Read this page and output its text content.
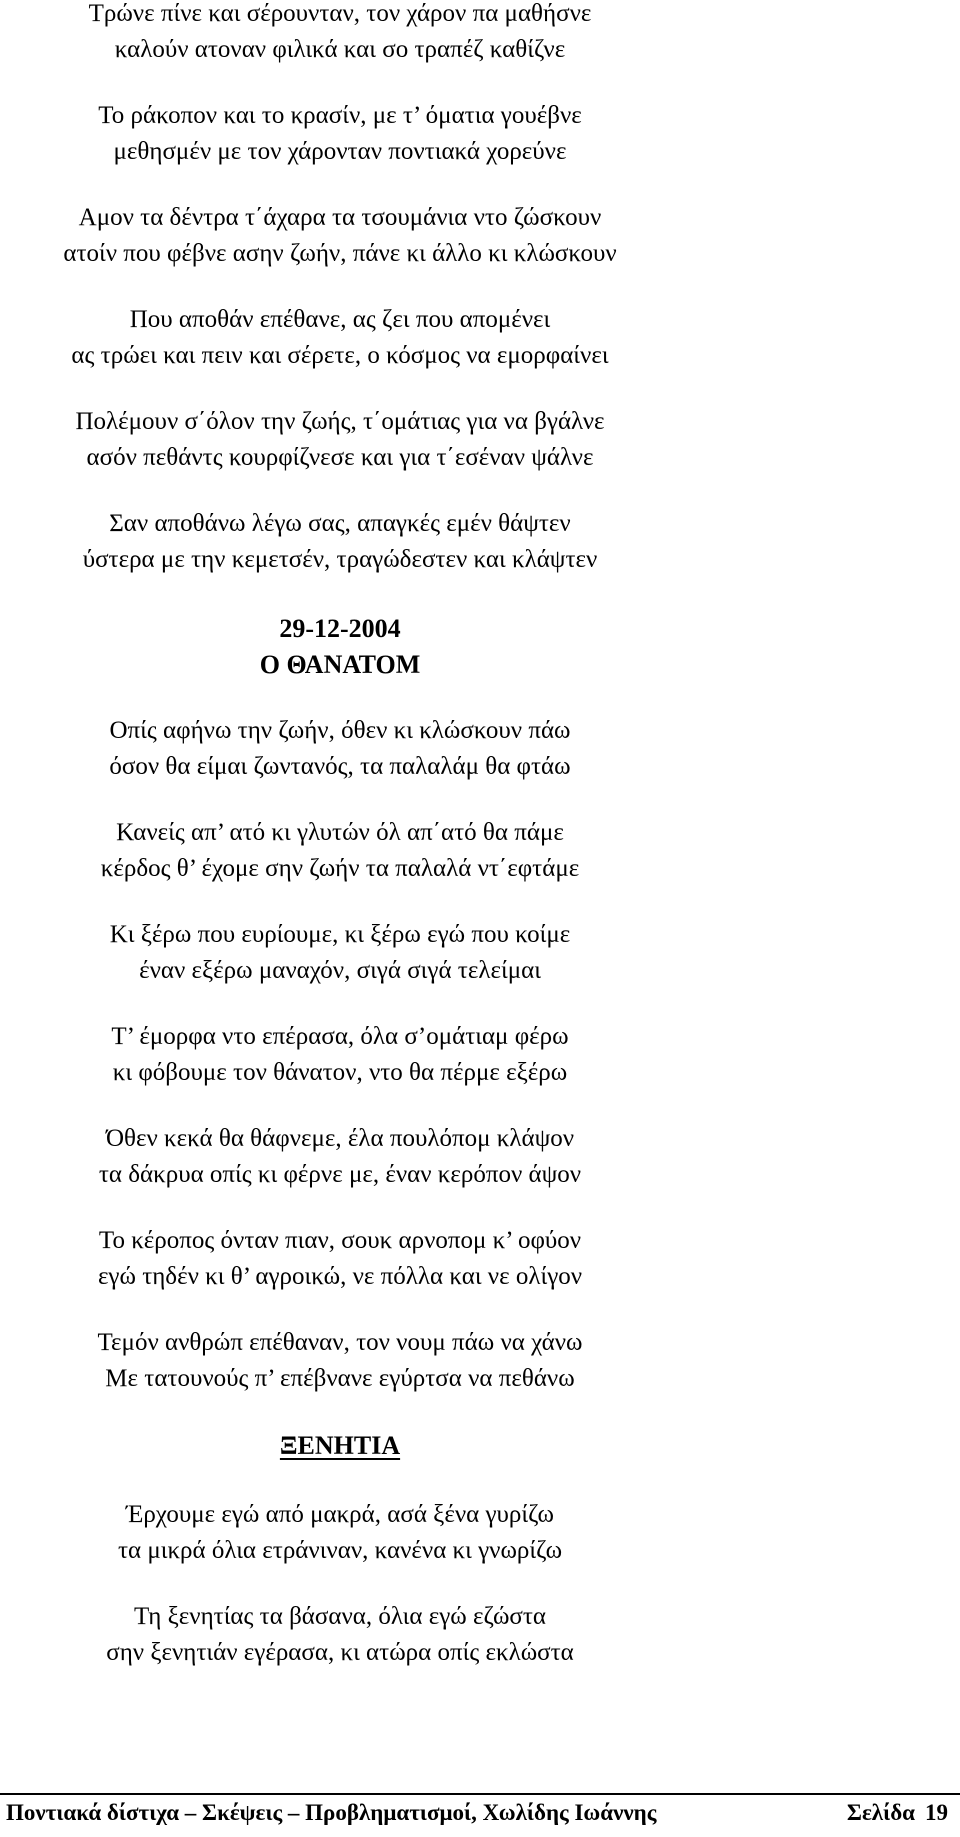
Τρώνε πίνε και σέρουνταν, τον χάρον πα μαθήσνε
καλούν ατοναν φιλικά και σο τραπέζ καθίζνε
Το ράκοπον και το κρασίν, με τ’ όματια γουέβνε
μεθησμέν με τον χάρονταν ποντιακά χορεύνε
Αμον τα δέντρα τ΄άχαρα τα τσουμάνια ντο ζώσκουν
ατοίν που φέβνε ασην ζωήν, πάνε κι άλλο κι κλώσκουν
Που αποθάν επέθανε, ας ζει που απομένει
ας τρώει και πειν και σέρετε, ο κόσμος να εμορφαίνει
Πολέμουν σ΄όλον την ζωής, τ΄ομάτιας για να βγάλνε
ασόν πεθάντς κουρφίζνεσε και για τ΄εσέναν ψάλνε
Σαν αποθάνω λέγω σας, απαγκές εμέν θάψτεν
ύστερα με την κεμετσέν, τραγώδεστεν και κλάψτεν
29-12-2004
Ο ΘΑΝΑΤΟΜ
Οπίς αφήνω την ζωήν, όθεν κι κλώσκουν πάω
όσον θα είμαι ζωντανός, τα παλαλάμ θα φτάω
Κανείς απ’ ατό κι γλυτών όλ απ΄ατό θα πάμε
κέρδος θ’ έχομε σην ζωήν τα παλαλά ντ΄εφτάμε
Κι ξέρω που ευρίουμε, κι ξέρω εγώ που κοίμε
έναν εξέρω μαναχόν, σιγά σιγά τελείμαι
Τ’ έμορφα ντο επέρασα, όλα σ’ομάτιαμ φέρω
κι φόβουμε τον θάνατον, ντο θα πέρμε εξέρω
Όθεν κεκά θα θάφνεμε, έλα πουλόπομ κλάψον
τα δάκρυα οπίς κι φέρνε με, έναν κερόπον άψον
Το κέροπος όνταν πιαν, σουκ αρνοπομ κ’ οφύον
εγώ τηδέν κι θ’ αγροικώ, νε πόλλα και νε ολίγον
Τεμόν ανθρώπ επέθαναν, τον νουμ πάω να χάνω
Με τατουνούς π’ επέβνανε εγύρτσα να πεθάνω
ΞΕΝΗΤΙΑ
Έρχουμε εγώ από μακρά, ασά ξένα γυρίζω
τα μικρά όλια ετράνιναν, κανένα κι γνωρίζω
Τη ξενητίας τα βάσανα, όλια εγώ εζώστα
σην ξενητιάν εγέρασα, κι ατώρα οπίς εκλώστα
Ποντιακά δίστιχα – Σκέψεις – Προβληματισμοί, Χωλίδης Ιωάννης	Σελίδα 19
